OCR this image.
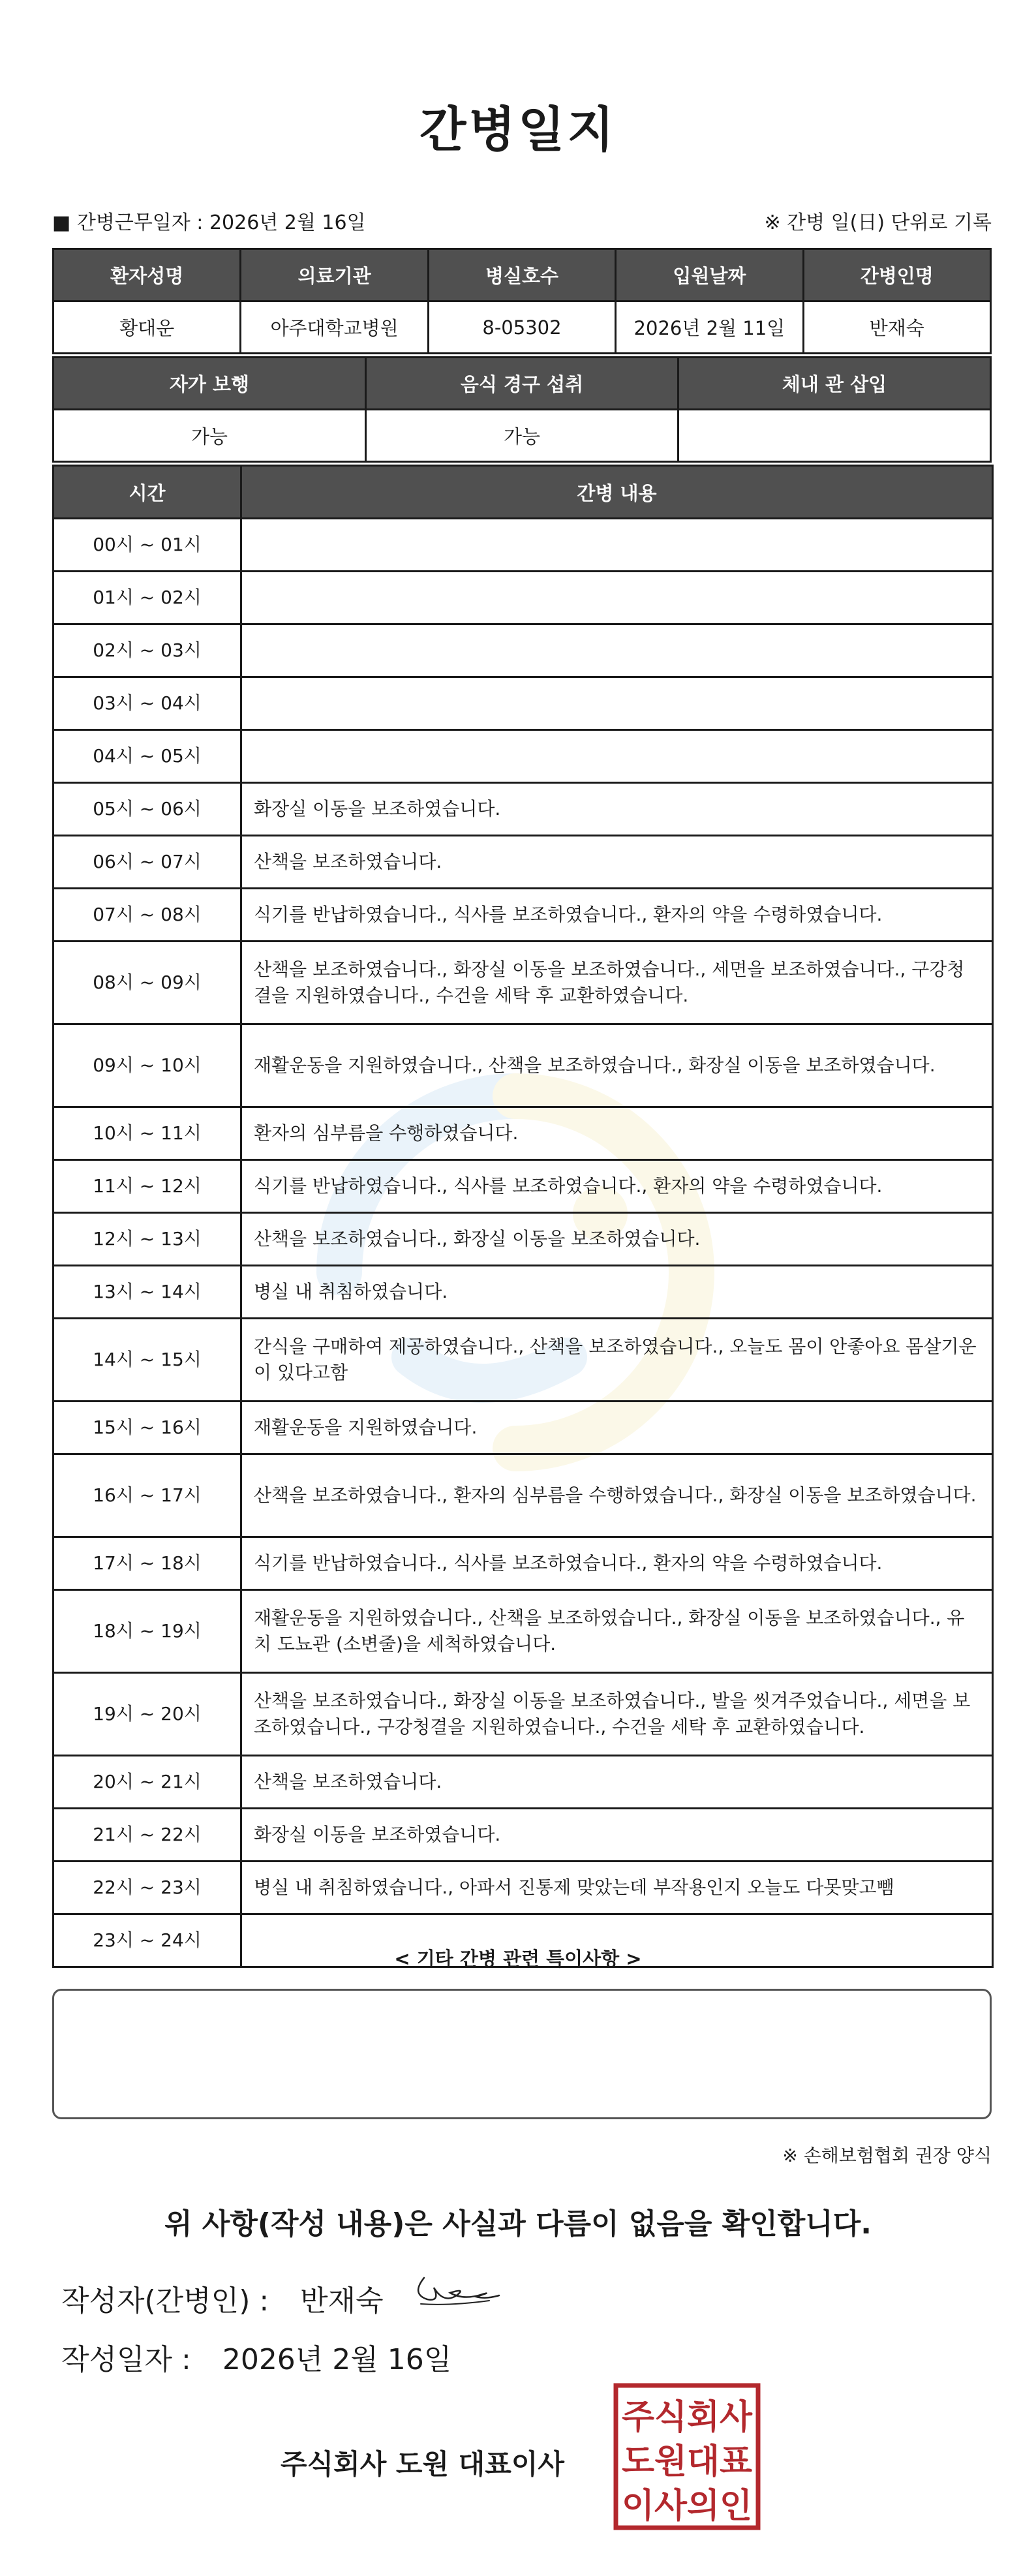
간병일지
■ 간병근무일자 : 2026년 2월 16일	※ 간병 일(日) 단위로 기록
환자성명	의료기관	병실호수	입원날짜	간병인명
황대운	아주대학교병원	8-05302	2026년 2월 11일	반재숙
자가 보행	음식 경구 섭취	체내 관 삽입
가능	가능	
시간	간병 내용
00시 ~ 01시	
01시 ~ 02시	
02시 ~ 03시	
03시 ~ 04시	
04시 ~ 05시	
05시 ~ 06시	화장실 이동을 보조하였습니다.
06시 ~ 07시	산책을 보조하였습니다.
07시 ~ 08시	식기를 반납하였습니다., 식사를 보조하였습니다., 환자의 약을 수령하였습니다.
08시 ~ 09시	산책을 보조하였습니다., 화장실 이동을 보조하였습니다., 세면을 보조하였습니다., 구강청결을 지원하였습니다., 수건을 세탁 후 교환하였습니다.
09시 ~ 10시	재활운동을 지원하였습니다., 산책을 보조하였습니다., 화장실 이동을 보조하였습니다.
10시 ~ 11시	환자의 심부름을 수행하였습니다.
11시 ~ 12시	식기를 반납하였습니다., 식사를 보조하였습니다., 환자의 약을 수령하였습니다.
12시 ~ 13시	산책을 보조하였습니다., 화장실 이동을 보조하였습니다.
13시 ~ 14시	병실 내 취침하였습니다.
14시 ~ 15시	간식을 구매하여 제공하였습니다., 산책을 보조하였습니다., 오늘도 몸이 안좋아요 몸살기운이 있다고함
15시 ~ 16시	재활운동을 지원하였습니다.
16시 ~ 17시	산책을 보조하였습니다., 환자의 심부름을 수행하였습니다., 화장실 이동을 보조하였습니다.
17시 ~ 18시	식기를 반납하였습니다., 식사를 보조하였습니다., 환자의 약을 수령하였습니다.
18시 ~ 19시	재활운동을 지원하였습니다., 산책을 보조하였습니다., 화장실 이동을 보조하였습니다., 유치 도뇨관 (소변줄)을 세척하였습니다.
19시 ~ 20시	산책을 보조하였습니다., 화장실 이동을 보조하였습니다., 발을 씻겨주었습니다., 세면을 보조하였습니다., 구강청결을 지원하였습니다., 수건을 세탁 후 교환하였습니다.
20시 ~ 21시	산책을 보조하였습니다.
21시 ~ 22시	화장실 이동을 보조하였습니다.
22시 ~ 23시	병실 내 취침하였습니다., 아파서 진통제 맞았는데 부작용인지 오늘도 다못맞고뺌
23시 ~ 24시	
< 기타 간병 관련 특이사항 >
※ 손해보험협회 권장 양식
위 사항(작성 내용)은 사실과 다름이 없음을 확인합니다.
작성자(간병인) : 반재숙
작성일자 : 2026년 2월 16일
주식회사 도원 대표이사
주식회사
도원대표
이사의인
